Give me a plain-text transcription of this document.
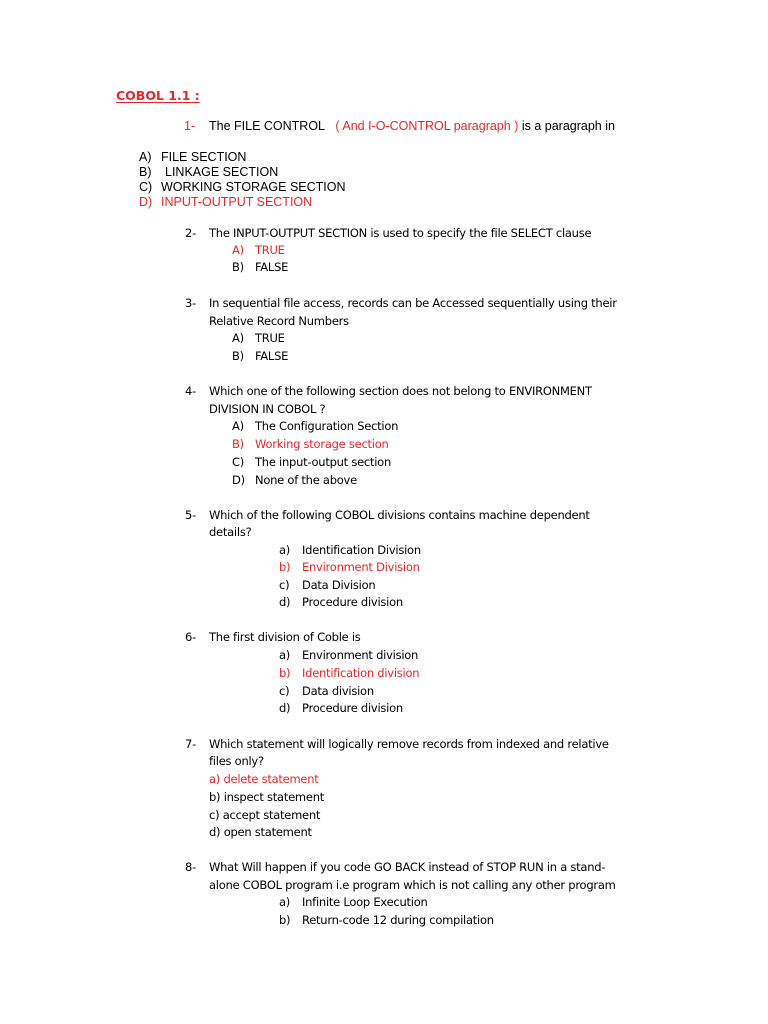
COBOL 1.1 :
1- The FILE CONTROL ( And I-O-CONTROL paragraph ) is a paragraph in
A) FILE SECTION
B) LINKAGE SECTION
C) WORKING STORAGE SECTION
D) INPUT-OUTPUT SECTION
2- The INPUT-OUTPUT SECTION is used to specify the file SELECT clause
A) TRUE
B) FALSE
3- In sequential file access, records can be Accessed sequentially using their
Relative Record Numbers
A) TRUE
B) FALSE
4- Which one of the following section does not belong to ENVIRONMENT
DIVISION IN COBOL ?
A) The Configuration Section
B) Working storage section
C) The input-output section
D) None of the above
5- Which of the following COBOL divisions contains machine dependent
details?
a) Identification Division
b) Environment Division
c) Data Division
d) Procedure division
6- The first division of Coble is
a) Environment division
b) Identification division
c) Data division
d) Procedure division
7- Which statement will logically remove records from indexed and relative
files only?
a) delete statement
b) inspect statement
c) accept statement
d) open statement
8- What Will happen if you code GO BACK instead of STOP RUN in a stand-
alone COBOL program i.e program which is not calling any other program
a) Infinite Loop Execution
b) Return-code 12 during compilation
